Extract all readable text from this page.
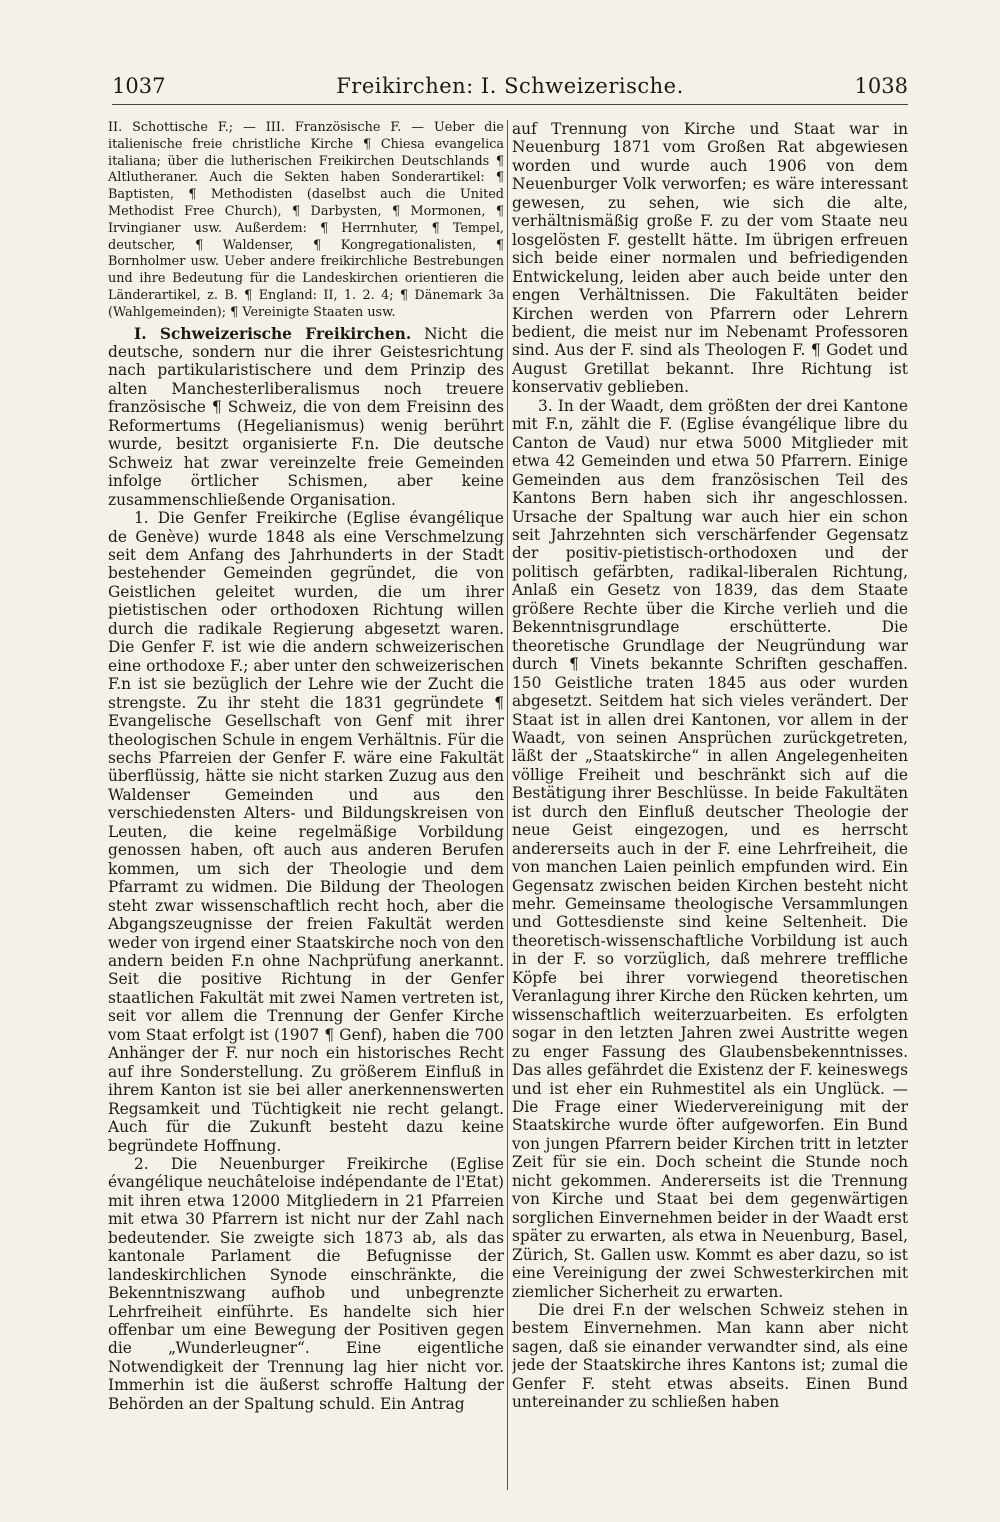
1037	Freikirchen: I. Schweizerische.	1038

II. Schottische F.; — III. Französische F. — Ueber die italienische freie christliche Kirche ¶ Chiesa evangelica italiana; über die lutherischen Freikirchen Deutschlands ¶ Altlutheraner. Auch die Sekten haben Sonderartikel: ¶ Baptisten, ¶ Methodisten (daselbst auch die United Methodist Free Church), ¶ Darbysten, ¶ Mormonen, ¶ Irvingianer usw. Außerdem: ¶ Herrnhuter, ¶ Tempel, deutscher, ¶ Waldenser, ¶ Kongregationalisten, ¶ Bornholmer usw. Ueber andere freikirchliche Bestrebungen und ihre Bedeutung für die Landeskirchen orientieren die Länderartikel, z. B. ¶ England: II, 1. 2. 4; ¶ Dänemark 3a (Wahlgemeinden); ¶ Vereinigte Staaten usw.

I. Schweizerische Freikirchen. Nicht die deutsche, sondern nur die ihrer Geistesrichtung nach partikularistischere und dem Prinzip des alten Manchesterliberalismus noch treuere französische ¶ Schweiz, die von dem Freisinn des Reformertums (Hegelianismus) wenig berührt wurde, besitzt organisierte F.n. Die deutsche Schweiz hat zwar vereinzelte freie Gemeinden infolge örtlicher Schismen, aber keine zusammenschließende Organisation.

1. Die Genfer Freikirche (Eglise évangélique de Genève) wurde 1848 als eine Verschmelzung seit dem Anfang des Jahrhunderts in der Stadt bestehender Gemeinden gegründet, die von Geistlichen geleitet wurden, die um ihrer pietistischen oder orthodoxen Richtung willen durch die radikale Regierung abgesetzt waren. Die Genfer F. ist wie die andern schweizerischen eine orthodoxe F.; aber unter den schweizerischen F.n ist sie bezüglich der Lehre wie der Zucht die strengste. Zu ihr steht die 1831 gegründete ¶ Evangelische Gesellschaft von Genf mit ihrer theologischen Schule in engem Verhältnis. Für die sechs Pfarreien der Genfer F. wäre eine Fakultät überflüssig, hätte sie nicht starken Zuzug aus den Waldenser Gemeinden und aus den verschiedensten Alters- und Bildungskreisen von Leuten, die keine regelmäßige Vorbildung genossen haben, oft auch aus anderen Berufen kommen, um sich der Theologie und dem Pfarramt zu widmen. Die Bildung der Theologen steht zwar wissenschaftlich recht hoch, aber die Abgangszeugnisse der freien Fakultät werden weder von irgend einer Staatskirche noch von den andern beiden F.n ohne Nachprüfung anerkannt. Seit die positive Richtung in der Genfer staatlichen Fakultät mit zwei Namen vertreten ist, seit vor allem die Trennung der Genfer Kirche vom Staat erfolgt ist (1907 ¶ Genf), haben die 700 Anhänger der F. nur noch ein historisches Recht auf ihre Sonderstellung. Zu größerem Einfluß in ihrem Kanton ist sie bei aller anerkennenswerten Regsamkeit und Tüchtigkeit nie recht gelangt. Auch für die Zukunft besteht dazu keine begründete Hoffnung.

2. Die Neuenburger Freikirche (Eglise évangélique neuchâteloise indépendante de l'Etat) mit ihren etwa 12000 Mitgliedern in 21 Pfarreien mit etwa 30 Pfarrern ist nicht nur der Zahl nach bedeutender. Sie zweigte sich 1873 ab, als das kantonale Parlament die Befugnisse der landeskirchlichen Synode einschränkte, die Bekenntniszwang aufhob und unbegrenzte Lehrfreiheit einführte. Es handelte sich hier offenbar um eine Bewegung der Positiven gegen die „Wunderleugner“. Eine eigentliche Notwendigkeit der Trennung lag hier nicht vor. Immerhin ist die äußerst schroffe Haltung der Behörden an der Spaltung schuld. Ein Antrag

auf Trennung von Kirche und Staat war in Neuenburg 1871 vom Großen Rat abgewiesen worden und wurde auch 1906 von dem Neuenburger Volk verworfen; es wäre interessant gewesen, zu sehen, wie sich die alte, verhältnismäßig große F. zu der vom Staate neu losgelösten F. gestellt hätte. Im übrigen erfreuen sich beide einer normalen und befriedigenden Entwickelung, leiden aber auch beide unter den engen Verhältnissen. Die Fakultäten beider Kirchen werden von Pfarrern oder Lehrern bedient, die meist nur im Nebenamt Professoren sind. Aus der F. sind als Theologen F. ¶ Godet und August Gretillat bekannt. Ihre Richtung ist konservativ geblieben.

3. In der Waadt, dem größten der drei Kantone mit F.n, zählt die F. (Eglise évangélique libre du Canton de Vaud) nur etwa 5000 Mitglieder mit etwa 42 Gemeinden und etwa 50 Pfarrern. Einige Gemeinden aus dem französischen Teil des Kantons Bern haben sich ihr angeschlossen. Ursache der Spaltung war auch hier ein schon seit Jahrzehnten sich verschärfender Gegensatz der positiv-pietistisch-orthodoxen und der politisch gefärbten, radikal-liberalen Richtung, Anlaß ein Gesetz von 1839, das dem Staate größere Rechte über die Kirche verlieh und die Bekenntnisgrundlage erschütterte. Die theoretische Grundlage der Neugründung war durch ¶ Vinets bekannte Schriften geschaffen. 150 Geistliche traten 1845 aus oder wurden abgesetzt. Seitdem hat sich vieles verändert. Der Staat ist in allen drei Kantonen, vor allem in der Waadt, von seinen Ansprüchen zurückgetreten, läßt der „Staatskirche“ in allen Angelegenheiten völlige Freiheit und beschränkt sich auf die Bestätigung ihrer Beschlüsse. In beide Fakultäten ist durch den Einfluß deutscher Theologie der neue Geist eingezogen, und es herrscht andererseits auch in der F. eine Lehrfreiheit, die von manchen Laien peinlich empfunden wird. Ein Gegensatz zwischen beiden Kirchen besteht nicht mehr. Gemeinsame theologische Versammlungen und Gottesdienste sind keine Seltenheit. Die theoretisch-wissenschaftliche Vorbildung ist auch in der F. so vorzüglich, daß mehrere treffliche Köpfe bei ihrer vorwiegend theoretischen Veranlagung ihrer Kirche den Rücken kehrten, um wissenschaftlich weiterzuarbeiten. Es erfolgten sogar in den letzten Jahren zwei Austritte wegen zu enger Fassung des Glaubensbekenntnisses. Das alles gefährdet die Existenz der F. keineswegs und ist eher ein Ruhmestitel als ein Unglück. — Die Frage einer Wiedervereinigung mit der Staatskirche wurde öfter aufgeworfen. Ein Bund von jungen Pfarrern beider Kirchen tritt in letzter Zeit für sie ein. Doch scheint die Stunde noch nicht gekommen. Andererseits ist die Trennung von Kirche und Staat bei dem gegenwärtigen sorglichen Einvernehmen beider in der Waadt erst später zu erwarten, als etwa in Neuenburg, Basel, Zürich, St. Gallen usw. Kommt es aber dazu, so ist eine Vereinigung der zwei Schwesterkirchen mit ziemlicher Sicherheit zu erwarten.

Die drei F.n der welschen Schweiz stehen in bestem Einvernehmen. Man kann aber nicht sagen, daß sie einander verwandter sind, als eine jede der Staatskirche ihres Kantons ist; zumal die Genfer F. steht etwas abseits. Einen Bund untereinander zu schließen haben
